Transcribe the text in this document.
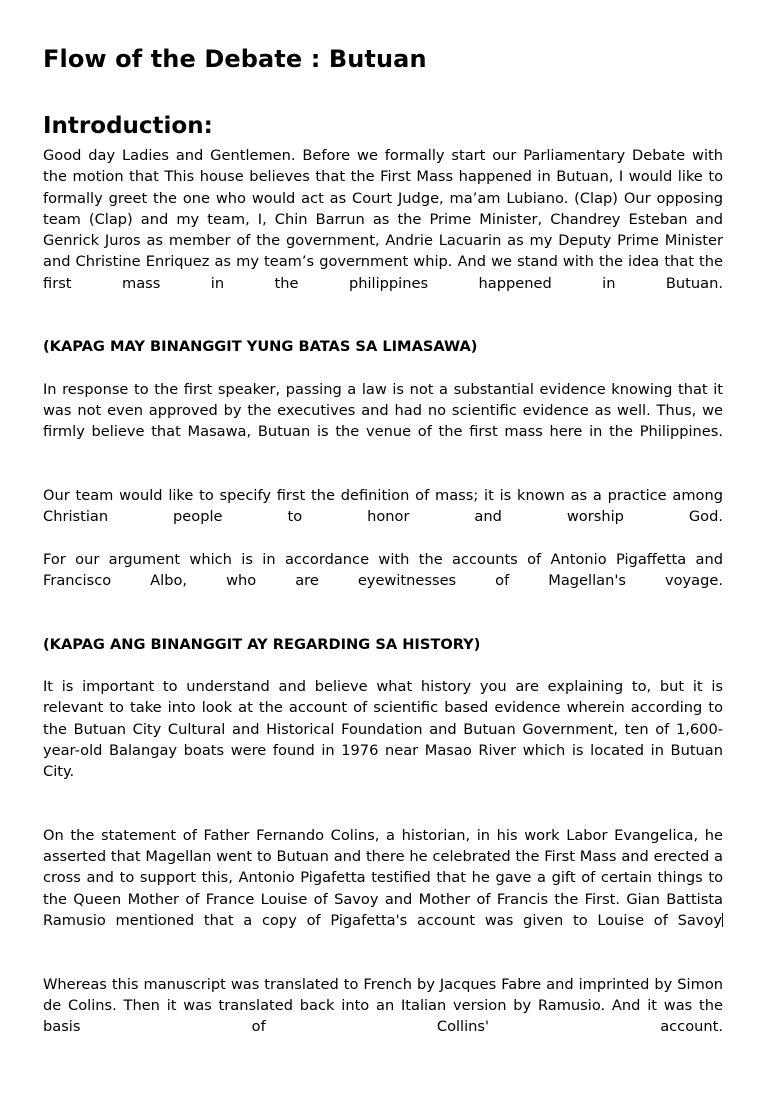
Flow of the Debate : Butuan
Introduction:

Good day Ladies and Gentlemen. Before we formally start our Parliamentary Debate with the motion that This house believes that the First Mass happened in Butuan, I would like to formally greet the one who would act as Court Judge, ma’am Lubiano. (Clap) Our opposing team (Clap) and my team, I, Chin Barrun as the Prime Minister, Chandrey Esteban and Genrick Juros as member of the government, Andrie Lacuarin as my Deputy Prime Minister and Christine Enriquez as my team’s government whip. And we stand with the idea that the first mass in the philippines happened in Butuan.

(KAPAG MAY BINANGGIT YUNG BATAS SA LIMASAWA)

In response to the first speaker, passing a law is not a substantial evidence knowing that it was not even approved by the executives and had no scientific evidence as well. Thus, we firmly believe that Masawa, Butuan is the venue of the first mass here in the Philippines.

Our team would like to specify first the definition of mass; it is known as a practice among Christian people to honor and worship God.

For our argument which is in accordance with the accounts of Antonio Pigaffetta and Francisco Albo, who are eyewitnesses of Magellan's voyage.

(KAPAG ANG BINANGGIT AY REGARDING SA HISTORY)

It is important to understand and believe what history you are explaining to, but it is relevant to take into look at the account of scientific based evidence wherein according to the Butuan City Cultural and Historical Foundation and Butuan Government, ten of 1,600-year-old Balangay boats were found in 1976 near Masao River which is located in Butuan City.

On the statement of Father Fernando Colins, a historian, in his work Labor Evangelica, he asserted that Magellan went to Butuan and there he celebrated the First Mass and erected a cross and to support this, Antonio Pigafetta testified that he gave a gift of certain things to the Queen Mother of France Louise of Savoy and Mother of Francis the First. Gian Battista Ramusio mentioned that a copy of Pigafetta's account was given to Louise of Savoy

Whereas this manuscript was translated to French by Jacques Fabre and imprinted by Simon de Colins. Then it was translated back into an Italian version by Ramusio. And it was the basis of Collins' account.
